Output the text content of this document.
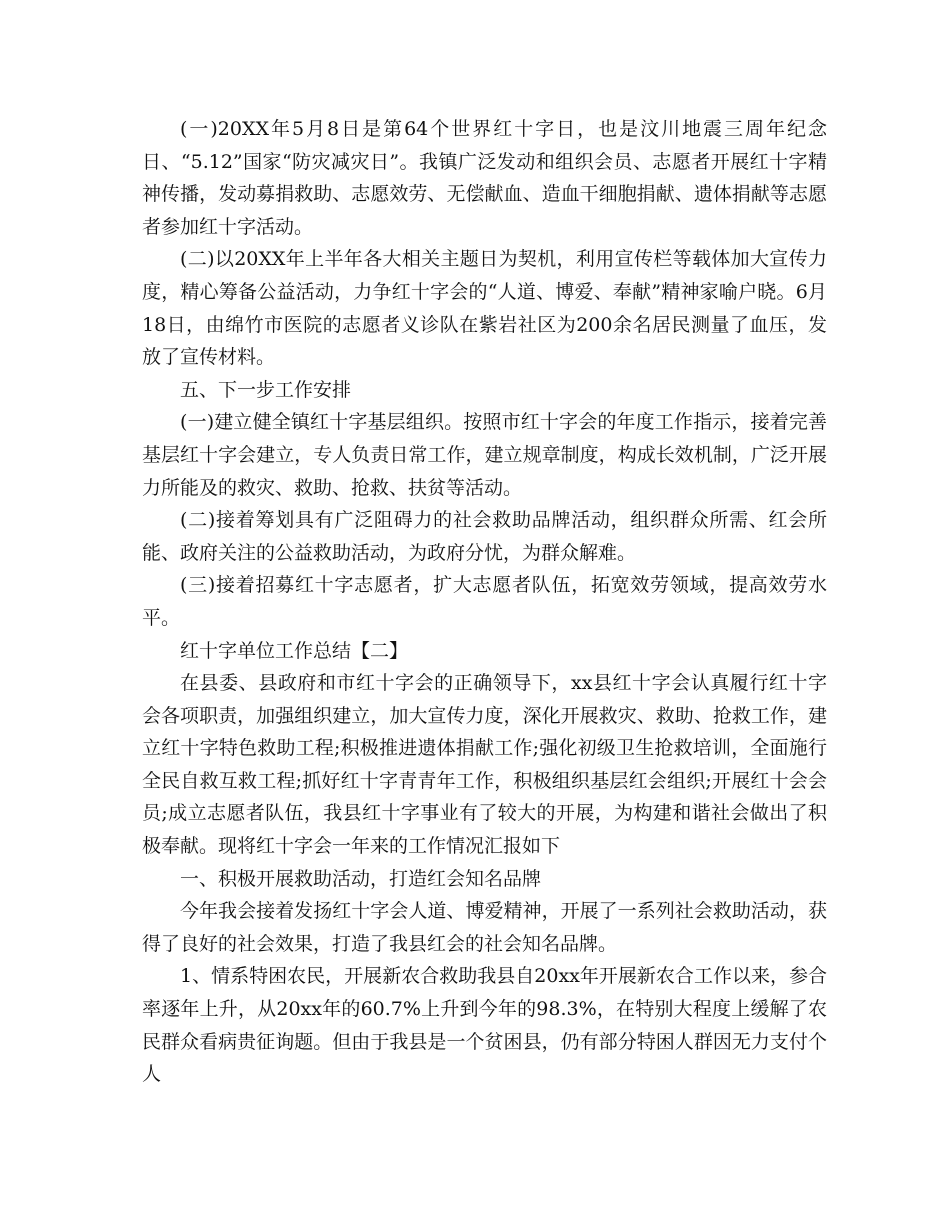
(一)20XX年5月8日是第64个世界红十字日，也是汶川地震三周年纪念日、“5.12”国家“防灾减灾日”。我镇广泛发动和组织会员、志愿者开展红十字精神传播，发动募捐救助、志愿效劳、无偿献血、造血干细胞捐献、遗体捐献等志愿者参加红十字活动。

(二)以20XX年上半年各大相关主题日为契机，利用宣传栏等载体加大宣传力度，精心筹备公益活动，力争红十字会的“人道、博爱、奉献”精神家喻户晓。6月18日，由绵竹市医院的志愿者义诊队在紫岩社区为200余名居民测量了血压，发放了宣传材料。

五、下一步工作安排

(一)建立健全镇红十字基层组织。按照市红十字会的年度工作指示，接着完善基层红十字会建立，专人负责日常工作，建立规章制度，构成长效机制，广泛开展力所能及的救灾、救助、抢救、扶贫等活动。

(二)接着筹划具有广泛阻碍力的社会救助品牌活动，组织群众所需、红会所能、政府关注的公益救助活动，为政府分忧，为群众解难。

(三)接着招募红十字志愿者，扩大志愿者队伍，拓宽效劳领域，提高效劳水平。

红十字单位工作总结【二】

在县委、县政府和市红十字会的正确领导下，xx县红十字会认真履行红十字会各项职责，加强组织建立，加大宣传力度，深化开展救灾、救助、抢救工作，建立红十字特色救助工程;积极推进遗体捐献工作;强化初级卫生抢救培训，全面施行全民自救互救工程;抓好红十字青青年工作，积极组织基层红会组织;开展红十会会员;成立志愿者队伍，我县红十字事业有了较大的开展，为构建和谐社会做出了积极奉献。现将红十字会一年来的工作情况汇报如下

一、积极开展救助活动，打造红会知名品牌

今年我会接着发扬红十字会人道、博爱精神，开展了一系列社会救助活动，获得了良好的社会效果，打造了我县红会的社会知名品牌。

1、情系特困农民，开展新农合救助我县自20xx年开展新农合工作以来，参合率逐年上升，从20xx年的60.7%上升到今年的98.3%，在特别大程度上缓解了农民群众看病贵征询题。但由于我县是一个贫困县，仍有部分特困人群因无力支付个人
